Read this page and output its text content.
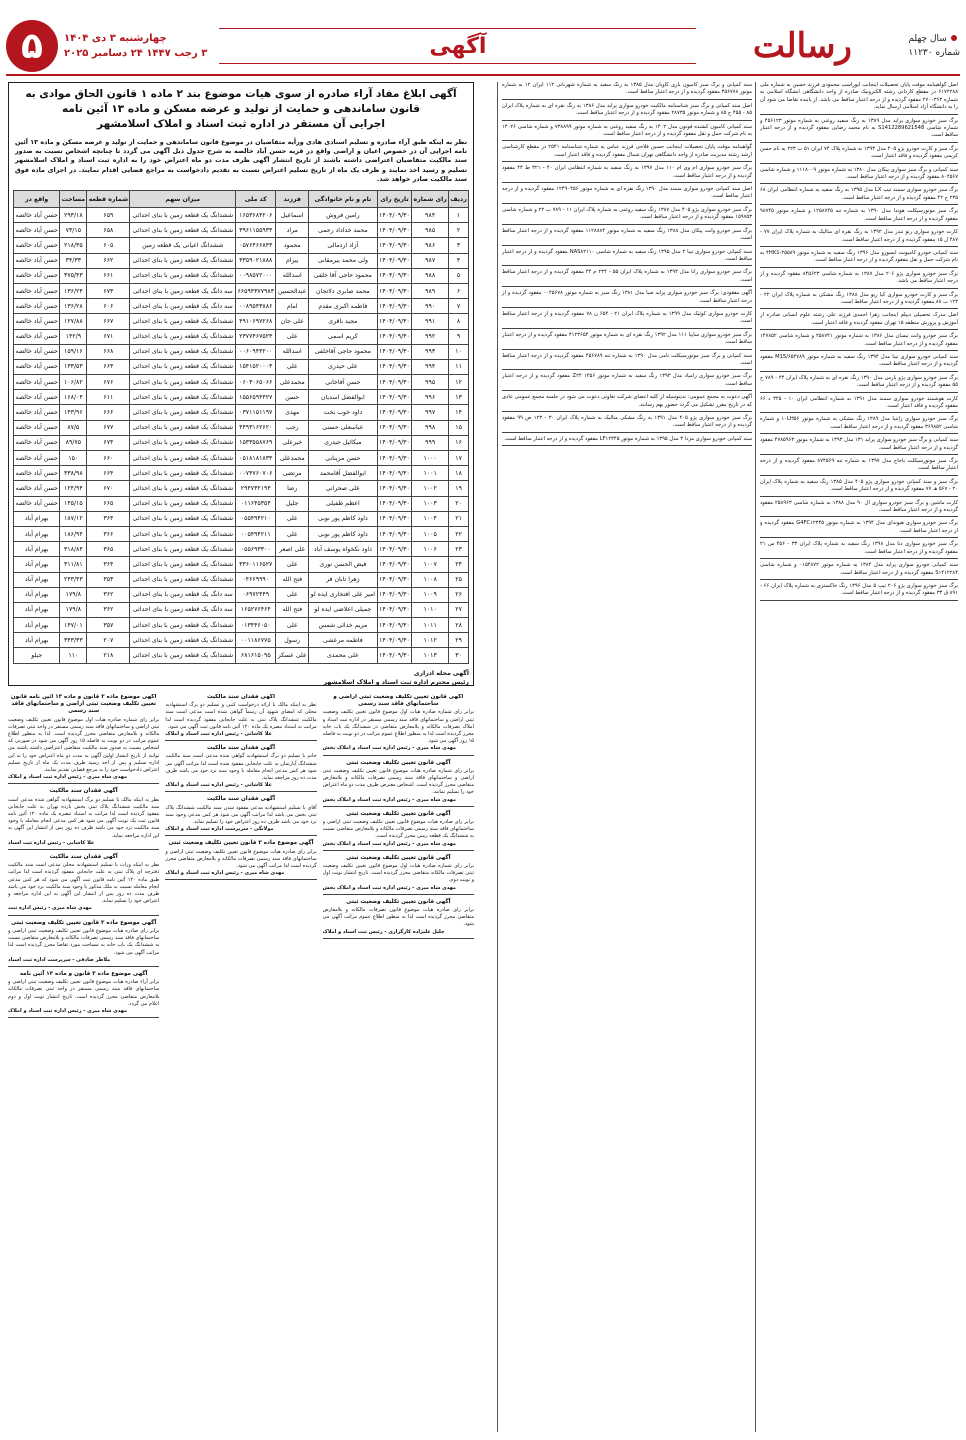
سال چهلم
شماره ۱۱۲۳۰
رسالت
آگهی
چهارشنبه ۳ دی ۱۴۰۴
۳ رجب ۱۴۴۷ ۲۴ دسامبر ۲۰۲۵
۵

اصل گواهینامه موقت پایان تحصیلات اینجانب ایوراسب محمودی فرزند حسین به شماره ملی ۶۱۷۲۲۸۸ در مقطع کاردانی رشته الکترونیک صادره از واحد دانشگاهی انشگاه اسلامی به شماره ۲۷۰۰۳۶۳ مفقود گردیده و از درجه اعتبار ساقط می باشد. از یابنده تقاضا می شود آن را به دانشگاه آزاد اسلامی ارسال نماید.

برگ سبز خودرو سواری پراید مدل ۱۳۸۹ به رنگ سفید روغنی به شماره موتور ۴۵۶۱۲۳ و شماره شاسی S1412289621548 به نام محمد رضایی مفقود گردیده و از درجه اعتبار ساقط است.

برگ سبز و کارت خودرو پژو ۴۰۵ مدل ۱۳۹۳ به شماره پلاک ۷۴ ایران ۵۱ ب ۲۲۳ به نام حسن کریمی مفقود گردیده و فاقد اعتبار است.

سند کمپانی و برگ سبز سواری پیکان مدل ۱۳۸۰ به شماره موتور ۱۱۱۸۰۰۹ و شماره شاسی ۸۰۴۵۶۷ مفقود گردیده و از درجه اعتبار ساقط است.

برگ سبز خودرو سواری سمند تیپ LX مدل ۱۳۹۵ به رنگ سفید به شماره انتظامی ایران ۶۸ ۲۳۵ ج ۴۲ مفقود گردیده و از درجه اعتبار ساقط است.

برگ سبز موتورسیکلت هوندا مدل ۱۳۹۰ به شماره تنه ۱۲۵۸۷۴۵ و شماره موتور ۹۸۷۴۵ مفقود گردیده و از درجه اعتبار ساقط است.

کارت خودرو سواری رنو تندر مدل ۱۳۹۲ به رنگ نقره ای متالیک به شماره پلاک ایران ۷۷ - ۴۸۷ ل ۱۵ مفقود گردیده و از درجه اعتبار ساقط است.

سند کمپانی خودرو کامیونت ایسوزو مدل ۱۳۹۶ رنگ سفید به شماره موتور ۴HK1-۲۵۵۸۹ به نام شرکت حمل و نقل مفقود گردیده و از درجه اعتبار ساقط است.

برگ سبز خودرو سواری پژو ۲۰۶ مدل ۱۳۸۷ به شماره شاسی ۸۴۵۶۲۳ مفقود گردیده و از درجه اعتبار ساقط می باشد.

برگ سبز و کارت خودرو سواری کیا ریو مدل ۱۳۸۸ رنگ مشکی به شماره پلاک ایران ۲۲ - ۱۲۳ ب ۸۸ مفقود گردیده و از درجه اعتبار ساقط است.

اصل مدرک تحصیلی دیپلم اینجانب زهرا احمدی فرزند علی رشته علوم انسانی صادره از آموزش و پرورش منطقه ۱۵ تهران مفقود گردیده و فاقد اعتبار است.

برگ سبز خودرو وانت نیسان مدل ۱۳۸۶ به شماره موتور ۲۵۸۷۴۱ و شماره شاسی ۱۴۷۸۵۲ مفقود گردیده و از درجه اعتبار ساقط است.

سند کمپانی خودرو سواری تیبا مدل ۱۳۹۴ رنگ سفید به شماره موتور M15/۶۵۴۷۸۹ مفقود گردیده و از درجه اعتبار ساقط است.

برگ سبز خودرو سواری پژو پارس مدل ۱۳۹۰ رنگ نقره ای به شماره پلاک ایران ۴۴ - ۷۸۹ ج ۵۵ مفقود گردیده و از درجه اعتبار ساقط است.

کارت هوشمند خودرو سواری سمند مدل ۱۳۹۱ به شماره انتظامی ایران ۱۰ - ۳۴۵ د ۶۶ مفقود گردیده و فاقد اعتبار است.

برگ سبز خودرو سواری زانتیا مدل ۱۳۸۹ رنگ مشکی به شماره موتور ۱۰LH۵۶ و شماره شاسی ۳۶۹۸۵۲ مفقود گردیده و از درجه اعتبار ساقط است.

سند کمپانی و برگ سبز خودرو سواری پراید ۱۳۱ مدل ۱۳۹۳ به شماره موتور ۴۷۸۵۹۶۳ مفقود گردیده و از درجه اعتبار ساقط است.

برگ سبز موتورسیکلت باجاج مدل ۱۳۹۷ به شماره تنه ۸۷۴۵۶۹ مفقود گردیده و از درجه اعتبار ساقط است.

برگ سبز و سند کمپانی خودرو سواری پژو ۴۰۵ مدل ۱۳۸۵ رنگ سفید به شماره پلاک ایران ۲۰ - ۵۶۷ هـ ۷۷ مفقود گردیده و از درجه اعتبار ساقط است.

کارت ماشین و برگ سبز خودرو سواری ال ۹۰ مدل ۱۳۸۸ به شماره شاسی ۲۵۸۹۶۳ مفقود گردیده و از درجه اعتبار ساقط است.

برگ سبز خودرو سواری هیوندای مدل ۱۳۹۴ به شماره موتور G4FC۱۲۳۴۵ مفقود گردیده و از درجه اعتبار ساقط است.

برگ سبز خودرو سواری دنا مدل ۱۳۹۸ رنگ سفید به شماره پلاک ایران ۳۳ - ۴۵۶ س ۲۱ مفقود گردیده و از درجه اعتبار ساقط است.

سند کمپانی خودرو سواری پراید مدل ۱۳۸۴ به شماره موتور ۰۱۵۴۸۷۲ و شماره شاسی S۱۴۱۲۲۸۴ مفقود گردیده و از درجه اعتبار ساقط است.

برگ سبز خودرو سواری پژو ۲۰۶ تیپ ۵ مدل ۱۳۹۶ رنگ خاکستری به شماره پلاک ایران ۶۶ - ۸۹۱ ق ۳۳ مفقود گردیده و از درجه اعتبار ساقط است.

سند کمپانی و برگ سبز کامیون باری کاویان مدل ۱۳۸۵ به رنگ سفید به شماره شهربانی ۱۱۲ ایران ۱۲ به شماره موتور ۳۵۶۷۷۸ مفقود گردیده و از درجه اعتبار ساقط است.

اصل سند کمپانی و برگ سبز شناسنامه مالکیت خودرو سواری پراید مدل ۱۳۸۶ به رنگ نقره ای به شماره پلاک ایران ۸۵ - ۴۵۵ ج ۸۵ و شماره موتور ۲۸۷۳۵ مفقود گردیده و از درجه اعتبار ساقط است.

سند کمپانی کامیون کشنده فوتون مدل ۱۴۰۲ به رنگ سفید روغنی به شماره موتور ۷۳۸۸۹۹ و شماره شاسی ۱۴۰۲۶ به نام شرکت حمل و نقل مفقود گردیده و از درجه اعتبار ساقط است.

گواهینامه موقت پایان تحصیلات اینجانب حسین فلاحی فرزند عباس به شماره شناسنامه ۲۵۴۱ در مقطع کارشناسی ارشد رشته مدیریت صادره از واحد دانشگاهی تهران شمال مفقود گردیده و فاقد اعتبار است.

برگ سبز خودرو سواری ام وی ام ۱۱۰ مدل ۱۳۹۷ به رنگ سفید به شماره انتظامی ایران ۴۰ - ۳۲۱ ط ۴۴ مفقود گردیده و از درجه اعتبار ساقط است.

اصل سند کمپانی خودرو سواری سمند مدل ۱۳۹۰ رنگ نقره ای به شماره موتور ۱۲۴۹۰۴۵۶ مفقود گردیده و از درجه اعتبار ساقط است.

برگ سبز خودرو سواری پژو ۴۰۵ مدل ۱۳۸۷ رنگ سفید روغنی به شماره پلاک ایران ۱۱ - ۷۸۹ ب ۲۲ و شماره شاسی ۱۵۹۷۵۳ مفقود گردیده و از درجه اعتبار ساقط است.

برگ سبز خودرو وانت پیکان مدل ۱۳۸۸ رنگ سفید به شماره موتور ۱۱۲۸۸۸۴ مفقود گردیده و از درجه اعتبار ساقط است.

سند کمپانی خودرو سواری تیبا ۲ مدل ۱۳۹۵ رنگ سفید به شماره شاسی NAS۸۲۱۱۰ مفقود گردیده و از درجه اعتبار ساقط است.

برگ سبز خودرو سواری رانا مدل ۱۳۹۴ به شماره پلاک ایران ۵۵ - ۲۳۴ م ۴۴ مفقود گردیده و از درجه اعتبار ساقط است.

آگهی مفقودی: برگ سبز خودرو سواری پراید صبا مدل ۱۳۸۱ رنگ سبز به شماره موتور ۰۰۴۵۶۷۸ مفقود گردیده و از درجه اعتبار ساقط است.

کارت خودرو سواری کوئیک مدل ۱۳۹۹ به شماره پلاک ایران ۲۱ - ۶۵۴ ن ۷۸ مفقود گردیده و از درجه اعتبار ساقط است.

برگ سبز خودرو سواری سایپا ۱۱۱ مدل ۱۳۹۲ رنگ نقره ای به شماره موتور ۴۱۲۳۶۵۴ مفقود گردیده و از درجه اعتبار ساقط است.

سند کمپانی و برگ سبز موتورسیکلت نامی مدل ۱۳۹۰ به شماره تنه ۴۵۶۷۸۹ مفقود گردیده و از درجه اعتبار ساقط است.

برگ سبز خودرو سواری زامیاد مدل ۱۳۹۳ رنگ سفید به شماره موتور Z۲۴ ۱۴۵۶ مفقود گردیده و از درجه اعتبار ساقط است.

آگهی دعوت به مجمع عمومی: بدینوسیله از کلیه اعضای شرکت تعاونی دعوت می شود در جلسه مجمع عمومی عادی که در تاریخ مقرر تشکیل می گردد حضور بهم رسانند.

برگ سبز خودرو سواری پژو ۴۰۵ مدل ۱۳۹۱ به رنگ مشکی متالیک به شماره پلاک ایران ۳۰ - ۱۲۳ ص ۹۹ مفقود گردیده و از درجه اعتبار ساقط است.

سند کمپانی خودرو سواری مزدا ۳ مدل ۱۳۹۵ به شماره موتور LF۱۲۳۴۵ مفقود گردیده و از درجه اعتبار ساقط است.

آگهی ابلاغ مفاد آراء صادره از سوی هیات موضوع بند ۲ ماده ۱ قانون الحاق موادی به قانون ساماندهی و حمایت از تولید و عرضه مسکن و ماده ۱۳ آئین نامه
اجرایی آن مستقر در اداره ثبت اسناد و املاک اسلامشهر
نظر به اینکه طبق آراء صادره و تسلیم اسنادی هادی ورأیه متقاضیان در موضوع قانون ساماندهی و حمایت از تولید و عرضه مسکن و ماده ۱۳ آئین نامه اجرایی آن در خصوص اعیان و اراضی واقع در قریه حسن آباد خالصه به شرح جدول ذیل آگهی می گردد تا چنانچه اشخاص نسبت به صدور سند مالکیت متقاضیان اعتراضی داشته باشند از تاریخ انتشار آگهی ظرف مدت دو ماه اعتراض خود را به اداره ثبت اسناد و املاک اسلامشهر تسلیم و رسید اخذ نمایند و ظرف یک ماه از تاریخ تسلیم اعتراض نسبت به تقدیم دادخواست به مراجع قضایی اقدام نمایند. در اجرای ماده فوق سند مالکیت صادر خواهد شد.
ردیف	رای شماره	تاریخ رای	نام و نام خانوادگی	فرزند	کد ملی	میزان سهم	شماره قطعه	مساحت	واقع در
۱	۹۸۴	۱۴۰۴/۰۹/۳۰	رامین فروش	اسماعیل	۱۶۵۳۶۸۴۲۰۶	ششدانگ یک قطعه زمین با بنای احداثی	۶۵۹	۲۹۳/۱۸	حسن آباد خالصه
۲	۹۸۵	۱۴۰۴/۰۹/۳۰	محمد خداداد رحمی	مراد	۳۹۶۱۱۵۵۹۳۳	ششدانگ یک قطعه زمین با بنای احداثی	۶۵۸	۷۳/۱۵	حسن آباد خالصه
۳	۹۸۶	۱۴۰۴/۰۹/۳۰	آزاد اردمالی	محمود	۰۵۷۶۴۶۶۸۴۳	ششدانگ اعیانی یک قطعه زمین	۶۰۵	۲۱۸/۳۵	حسن آباد خالصه
۴	۹۸۷	۱۴۰۴/۰۹/۳۰	ولی محمد بیرمقانی	بیرام	۳۳۵۹۰۲۱۸۸۸	ششدانگ یک قطعه زمین با بنای احداثی	۶۶۲	۳۴/۳۳	حسن آباد خالصه
۵	۹۸۸	۱۴۰۴/۰۹/۳۰	محمود حاجی آقا خلفی	اسدالله	۰۰۹۸۵۷۲۰۰۰	ششدانگ یک قطعه زمین با بنای احداثی	۶۶۱	۳۷۵/۴۳	حسن آباد خالصه
۶	۹۸۹	۱۴۰۴/۰۹/۳۰	محمد صابری دلاتجان	عبدالحسین	۶۶۵۹۴۳۷۷۹۸۳	سه دانگ یک قطعه زمین با بنای احداثی	۶۷۳	۱۳۶/۲۴	حسن آباد خالصه
۷	۹۹۰	۱۴۰۴/۰۹/۳۰	فاطمه اکبری مقدم	امام	۰۰۸۹۵۴۳۸۸۶	سه دانگ یک قطعه زمین با بنای احداثی	۶۰۶	۱۳۶/۲۸	حسن آباد خالصه
۸	۹۹۱	۱۴۰۴/۰۹/۳۰	مجید باقری	علی جان	۴۹۱۰۶۹۷۲۶۸	ششدانگ یک قطعه زمین با بنای احداثی	۶۶۷	۱۲۷/۸۸	حسن آباد خالصه
۹	۹۹۲	۱۴۰۴/۰۹/۳۰	کریم اسمی	علی	۲۳۷۷۴۶۷۵۲۳	ششدانگ یک قطعه زمین با بنای احداثی	۶۷۱	۱۴۲/۹	حسن آباد خالصه
۱۰	۹۹۳	۱۴۰۴/۰۹/۳۰	محمود حاجی آقاخلفی	اسدالله	۰۰۶۰۹۴۴۲۰۰	ششدانگ یک قطعه زمین با بنای احداثی	۶۶۸	۱۵۹/۱۶	حسن آباد خالصه
۱۱	۹۹۴	۱۴۰۴/۰۹/۳۰	علی حیدری	علی	۱۵۴۱۵۲۰۰۰۳	ششدانگ یک قطعه زمین با بنای احداثی	۶۶۳	۱۳۳/۵۳	حسن آباد خالصه
۱۲	۹۹۵	۱۴۰۴/۰۹/۳۰	حسن آقاخانی	محمدعلی	۰۶۰۳۰۶۵۰۶۶	ششدانگ یک قطعه زمین با بنای احداثی	۶۷۶	۱۰۶/۸۲	حسن آباد خالصه
۱۳	۹۹۶	۱۴۰۴/۰۹/۳۰	ابوالفضل اسدیان	حسن	۱۵۵۶۵۹۴۴۲۷	ششدانگ یک قطعه زمین با بنای احداثی	۶۱۱	۱۶۸/۰۴	حسن آباد خالصه
۱۴	۹۹۷	۱۴۰۴/۰۹/۳۰	داود خوب بخت	مهدی	۰۳۷۱۱۵۱۱۹۷	ششدانگ یک قطعه زمین با بنای احداثی	۶۶۶	۱۴۳/۹۶	حسن آباد خالصه
۱۵	۹۹۸	۱۴۰۴/۰۹/۳۰	عباسعلی حسنی	رجب	۴۴۹۳۱۶۲۶۲۰	ششدانگ یک قطعه زمین با بنای احداثی	۶۷۷	۸۷/۵	حسن آباد خالصه
۱۶	۹۹۹	۱۴۰۴/۰۹/۳۰	میکائیل حیدری	خیرعلی	۱۵۳۳۵۵۸۷۶۹	ششدانگ یک قطعه زمین با بنای احداثی	۶۷۴	۸۹/۷۵	حسن آباد خالصه
۱۷	۱۰۰۰	۱۴۰۴/۰۹/۳۰	حسن مزینانی	محمدعلی	۰۵۱۸۱۸۱۸۳۳	ششدانگ یک قطعه زمین با بنای احداثی	۶۶۰	۱۵۰	حسن آباد خالصه
۱۸	۱۰۰۱	۱۴۰۴/۰۹/۳۰	ابوالفضل آقامحمد	مرتضی	۰۰۷۴۷۶۰۷۰۶	ششدانگ یک قطعه زمین با بنای احداثی	۶۶۴	۳۳۸/۹۸	حسن آباد خالصه
۱۹	۱۰۰۲	۱۴۰۴/۰۹/۳۰	علی صحرانی	رضا	۲۹۴۷۳۲۱۹۴	ششدانگ یک قطعه زمین با بنای احداثی	۶۷۰	۱۲۴/۹۴	حسن آباد خالصه
۲۰	۱۰۰۳	۱۴۰۴/۰۹/۳۰	اعظم طفیلی	جلیل	۰۱۱۶۴۵۳۵۴	ششدانگ یک قطعه زمین با بنای احداثی	۶۶۵	۱۴۵/۱۵	حسن آباد خالصه
۲۱	۱۰۰۴	۱۴۰۴/۰۹/۳۰	داود کاظم پور نوبی	علی	۰۵۵۴۹۴۲۱۰	ششدانگ یک قطعه زمین با بنای احداثی	۳۶۴	۱۸۷/۱۲	بهرام آباد
۲۲	۱۰۰۵	۱۴۰۴/۰۹/۳۰	داود کاظم پور نوبی	علی	۰۰۵۴۹۴۲۱۱	ششدانگ یک قطعه زمین با بنای احداثی	۳۶۶	۱۸۶/۹۴	بهرام آباد
۲۳	۱۰۰۶	۱۴۰۴/۰۹/۳۰	داود نکخواه یوسف آباد	علی اصغر	۰۵۵۶۹۳۳۰۰	ششدانگ یک قطعه زمین با بنای احداثی	۳۶۵	۳۱۸/۸۴	بهرام آباد
۲۴	۱۰۰۷	۱۴۰۴/۰۹/۳۰	فیض الحسن نوری	علی	۳۳۶۰۱۱۶۵۲۷	ششدانگ یک قطعه زمین با بنای احداثی	۳۶۴	۳۱۱/۸۱	بهرام آباد
۲۵	۱۰۰۸	۱۴۰۴/۰۹/۳۰	زهرا تابان فر	فتح الله	۰۴۶۶۹۹۹۰	ششدانگ یک قطعه زمین با بنای احداثی	۳۵۳	۲۴۳/۴۳	بهرام آباد
۲۶	۱۰۰۹	۱۴۰۴/۰۹/۳۰	امیر علی افتخاری ایده لو	علی	۰۶۹۷۲۴۴۹	سه دانگ یک قطعه زمین با بنای احداثی	۳۶۲	۱۷۹/۸	بهرام آباد
۲۷	۱۰۱۰	۱۴۰۴/۰۹/۳۰	جمیلی اعلاضی ایده لو	فتح الله	۱۶۵۲۷۶۴۶۴	سه دانگ یک قطعه زمین با بنای احداثی	۳۶۲	۱۷۹/۸	بهرام آباد
۲۸	۱۰۱۱	۱۴۰۴/۰۹/۳۰	مریم خدائی شمس	علی	۰۱۳۴۴۶۰۵۰	ششدانگ یک قطعه زمین با بنای احداثی	۳۵۷	۱۴۷/۰۱	بهرام آباد
۲۹	۱۰۱۲	۱۴۰۴/۰۹/۳۰	فاطمه مرعشی	رسول	۰۰۱۱۸۶۷۷۵	ششدانگ یک قطعه زمین با بنای احداثی	۲۰۷	۳۴۳/۳۳	بهرام آباد
۳۰	۱۰۱۳	۱۴۰۴/۰۹/۳۰	علی محمدی	علی عسکر	۶۸۱۶۱۵۰۹۵	ششدانگ یک قطعه زمین با بنای احداثی	۲۱۸	۱۱۰	جیلو
آگهی محله ادراری
رئیس محترم اداره ثبت اسناد و املاک اسلامشهر
آگهی قانون تعیین تکلیف وضعیت ثبتی اراضی و ساختمانهای فاقد سند رسمی
برابر رای شماره صادره هیات اول موضوع قانون تعیین تکلیف وضعیت ثبتی اراضی و ساختمانهای فاقد سند رسمی مستقر در اداره ثبت اسناد و املاک تصرفات مالکانه و بلامعارض متقاضی در ششدانگ یک باب خانه محرز گردیده است لذا به منظور اطلاع عموم مراتب در دو نوبت به فاصله ۱۵ روز آگهی می شود.
مهدی شاه میری - رئیس اداره ثبت اسناد و املاک بخش
آگهی قانون تعیین تکلیف وضعیت ثبتی
برابر رای شماره صادره هیات موضوع قانون تعیین تکلیف وضعیت ثبتی اراضی و ساختمانهای فاقد سند رسمی تصرفات مالکانه و بلامعارض متقاضی محرز گردیده است. اشخاص معترض ظرف مدت دو ماه اعتراض خود را تسلیم نمایند.
مهدی شاه میری - رئیس اداره ثبت اسناد و املاک بخش
آگهی قانون تعیین تکلیف وضعیت ثبتی
برابر رای صادره هیات موضوع قانون تعیین تکلیف وضعیت ثبتی اراضی و ساختمانهای فاقد سند رسمی تصرفات مالکانه و بلامعارض متقاضی نسبت به ششدانگ یک قطعه زمین محرز گردیده است.
مهدی شاه میری - رئیس اداره ثبت اسناد و املاک بخش
آگهی قانون تعیین تکلیف وضعیت ثبتی
برابر رای شماره صادره هیات اول موضوع قانون تعیین تکلیف وضعیت ثبتی تصرفات مالکانه متقاضی محرز گردیده است. تاریخ انتشار نوبت اول و نوبت دوم.
مهدی شاه میری - رئیس اداره ثبت اسناد و املاک بخش
آگهی قانون تعیین تکلیف وضعیت ثبتی
برابر رای صادره هیات موضوع قانون تصرفات مالکانه و بلامعارض متقاضی محرز گردیده است لذا به منظور اطلاع عموم مراتب آگهی می شود.
جلیل علیزاده کارگزاری - رئیس ثبت اسناد و املاک
آگهی فقدان سند مالکیت
نظر به اینکه مالک با ارائه درخواست کتبی و تسلیم دو برگ استشهادیه محلی که امضای شهود آن رسماً گواهی شده است مدعی است سند مالکیت ششدانگ پلاک ثبتی به علت جابجایی مفقود گردیده است لذا مراتب به استناد تبصره یک ماده ۱۲۰ آئین نامه قانون ثبت آگهی می شود.
علا کاشانی - رئیس اداره ثبت اسناد و املاک
آگهی فقدان سند مالکیت
خانم با تسلیم دو برگ استشهادیه گواهی شده مدعی است سند مالکیت ششدانگ آپارتمان به علت جابجایی مفقود شده است لذا مراتب آگهی می شود هر کس مدعی انجام معامله یا وجود سند نزد خود می باشد ظرف مدت ده روز مراجعه نماید.
علا کاشانی - رئیس اداره ثبت اسناد و املاک
آگهی فقدان سند مالکیت
آقای با تسلیم استشهادیه مدعی مفقود شدن سند مالکیت ششدانگ پلاک ثبتی بخش می باشد لذا مراتب آگهی می شود هر کس مدعی وجود سند نزد خود می باشد ظرف ده روز اعتراض خود را تسلیم نماید.
مولانگی - سرپرست اداره ثبت اسناد و املاک
آگهی موضوع ماده ۳ قانون تعیین تکلیف وضعیت ثبتی
برابر رای صادره هیات موضوع قانون تعیین تکلیف وضعیت ثبتی اراضی و ساختمانهای فاقد سند رسمی تصرفات مالکانه و بلامعارض متقاضی محرز گردیده است لذا مراتب آگهی می شود.
مهدی شاه میری - رئیس اداره ثبت اسناد و املاک
آگهی موضوع ماده ۳ قانون و ماده ۱۳ آئین نامه قانون تعیین تکلیف وضعیت ثبتی اراضی و ساختمانهای فاقد سند رسمی
برابر رای شماره صادره هیات اول موضوع قانون تعیین تکلیف وضعیت ثبتی اراضی و ساختمانهای فاقد سند رسمی مستقر در واحد ثبتی تصرفات مالکانه و بلامعارض متقاضی محرز گردیده است. لذا به منظور اطلاع عموم مراتب در دو نوبت به فاصله ۱۵ روز آگهی می شود در صورتی که اشخاص نسبت به صدور سند مالکیت متقاضی اعتراضی داشته باشند می توانند از تاریخ انتشار اولین آگهی به مدت دو ماه اعتراض خود را به این اداره تسلیم و پس از اخذ رسید ظرف مدت یک ماه از تاریخ تسلیم اعتراض دادخواست خود را به مرجع قضایی تقدیم نمایند.
مهدی شاه میری - رئیس اداره ثبت اسناد و املاک
آگهی فقدان سند مالکیت
نظر به اینکه مالک با تسلیم دو برگ استشهادیه گواهی شده مدعی است سند مالکیت ششدانگ پلاک ثبتی بخش یازده تهران به علت جابجایی مفقود گردیده است لذا مراتب به استناد تبصره یک ماده ۱۲۰ آئین نامه قانون ثبت یک نوبت آگهی می شود هر کس مدعی انجام معامله یا وجود سند مالکیت نزد خود می باشد ظرف ده روز پس از انتشار این آگهی به این اداره مراجعه نماید.
علا کاشانی - رئیس اداره ثبت اسناد
آگهی فقدان سند مالکیت
نظر به اینکه وراث با تسلیم استشهادیه محلی مدعی است سند مالکیت دفترچه ای پلاک ثبتی به علت جابجایی مفقود گردیده است لذا مراتب طبق ماده ۱۲۰ آئین نامه قانون ثبت آگهی می شود که هر کس مدعی انجام معامله نسبت به ملک مذکور یا وجود سند مالکیت نزد خود می باشد ظرف مدت ده روز پس از انتشار این آگهی به این اداره مراجعه و اعتراض خود را تسلیم نماید.
مهدی شاه میری - رئیس اداره ثبت
آگهی موضوع ماده ۳ قانون تعیین تکلیف وضعیت ثبتی
برابر رای صادره هیات موضوع قانون تعیین تکلیف وضعیت ثبتی اراضی و ساختمانهای فاقد سند رسمی تصرفات مالکانه و بلامعارض متقاضی نسبت به ششدانگ یک باب خانه به مساحت مورد تقاضا محرز گردیده است لذا مراتب آگهی می شود.
ملاطر صادقی - سرپرست اداره ثبت اسناد
آگهی موضوع ماده ۳ قانون و ماده ۱۳ آئین نامه
برابر آراء صادره هیات موضوع قانون تعیین تکلیف وضعیت ثبتی اراضی و ساختمانهای فاقد سند رسمی مستقر در واحد ثبتی تصرفات مالکانه بلامعارض متقاضی محرز گردیده است. تاریخ انتشار نوبت اول و دوم اعلام می گردد.
مهدی شاه میری - رئیس اداره ثبت اسناد و املاک
